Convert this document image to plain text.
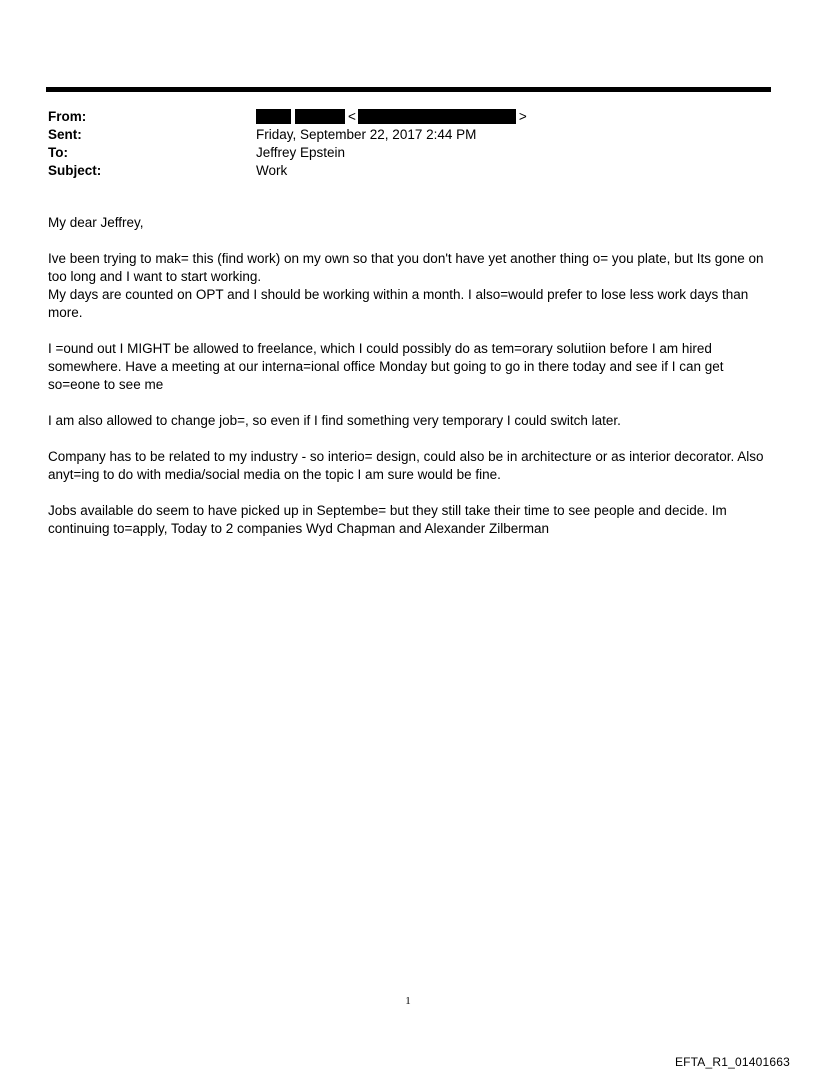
From:	<	>
Sent:	Friday, September 22, 2017 2:44 PM
To:	Jeffrey Epstein
Subject:	Work

My dear Jeffrey,

Ive been trying to mak= this (find work) on my own so that you don't have yet another thing o= you plate, but Its gone on too long and I want to start working.

My days are counted on OPT and I should be working within a month. I also=would prefer to lose less work days than more.

I =ound out I MIGHT be allowed to freelance, which I could possibly do as tem=orary solutiion before I am hired somewhere. Have a meeting at our interna=ional office Monday but going to go in there today and see if I can get so=eone to see me

I am also allowed to change job=, so even if I find something very temporary I could switch later.

Company has to be related to my industry - so interio= design, could also be in architecture or as interior decorator. Also anyt=ing to do with media/social media on the topic I am sure would be fine.

Jobs available do seem to have picked up in Septembe= but they still take their time to see people and decide. Im continuing to=apply, Today to 2 companies Wyd Chapman and Alexander Zilberman

1
EFTA_R1_01401663
